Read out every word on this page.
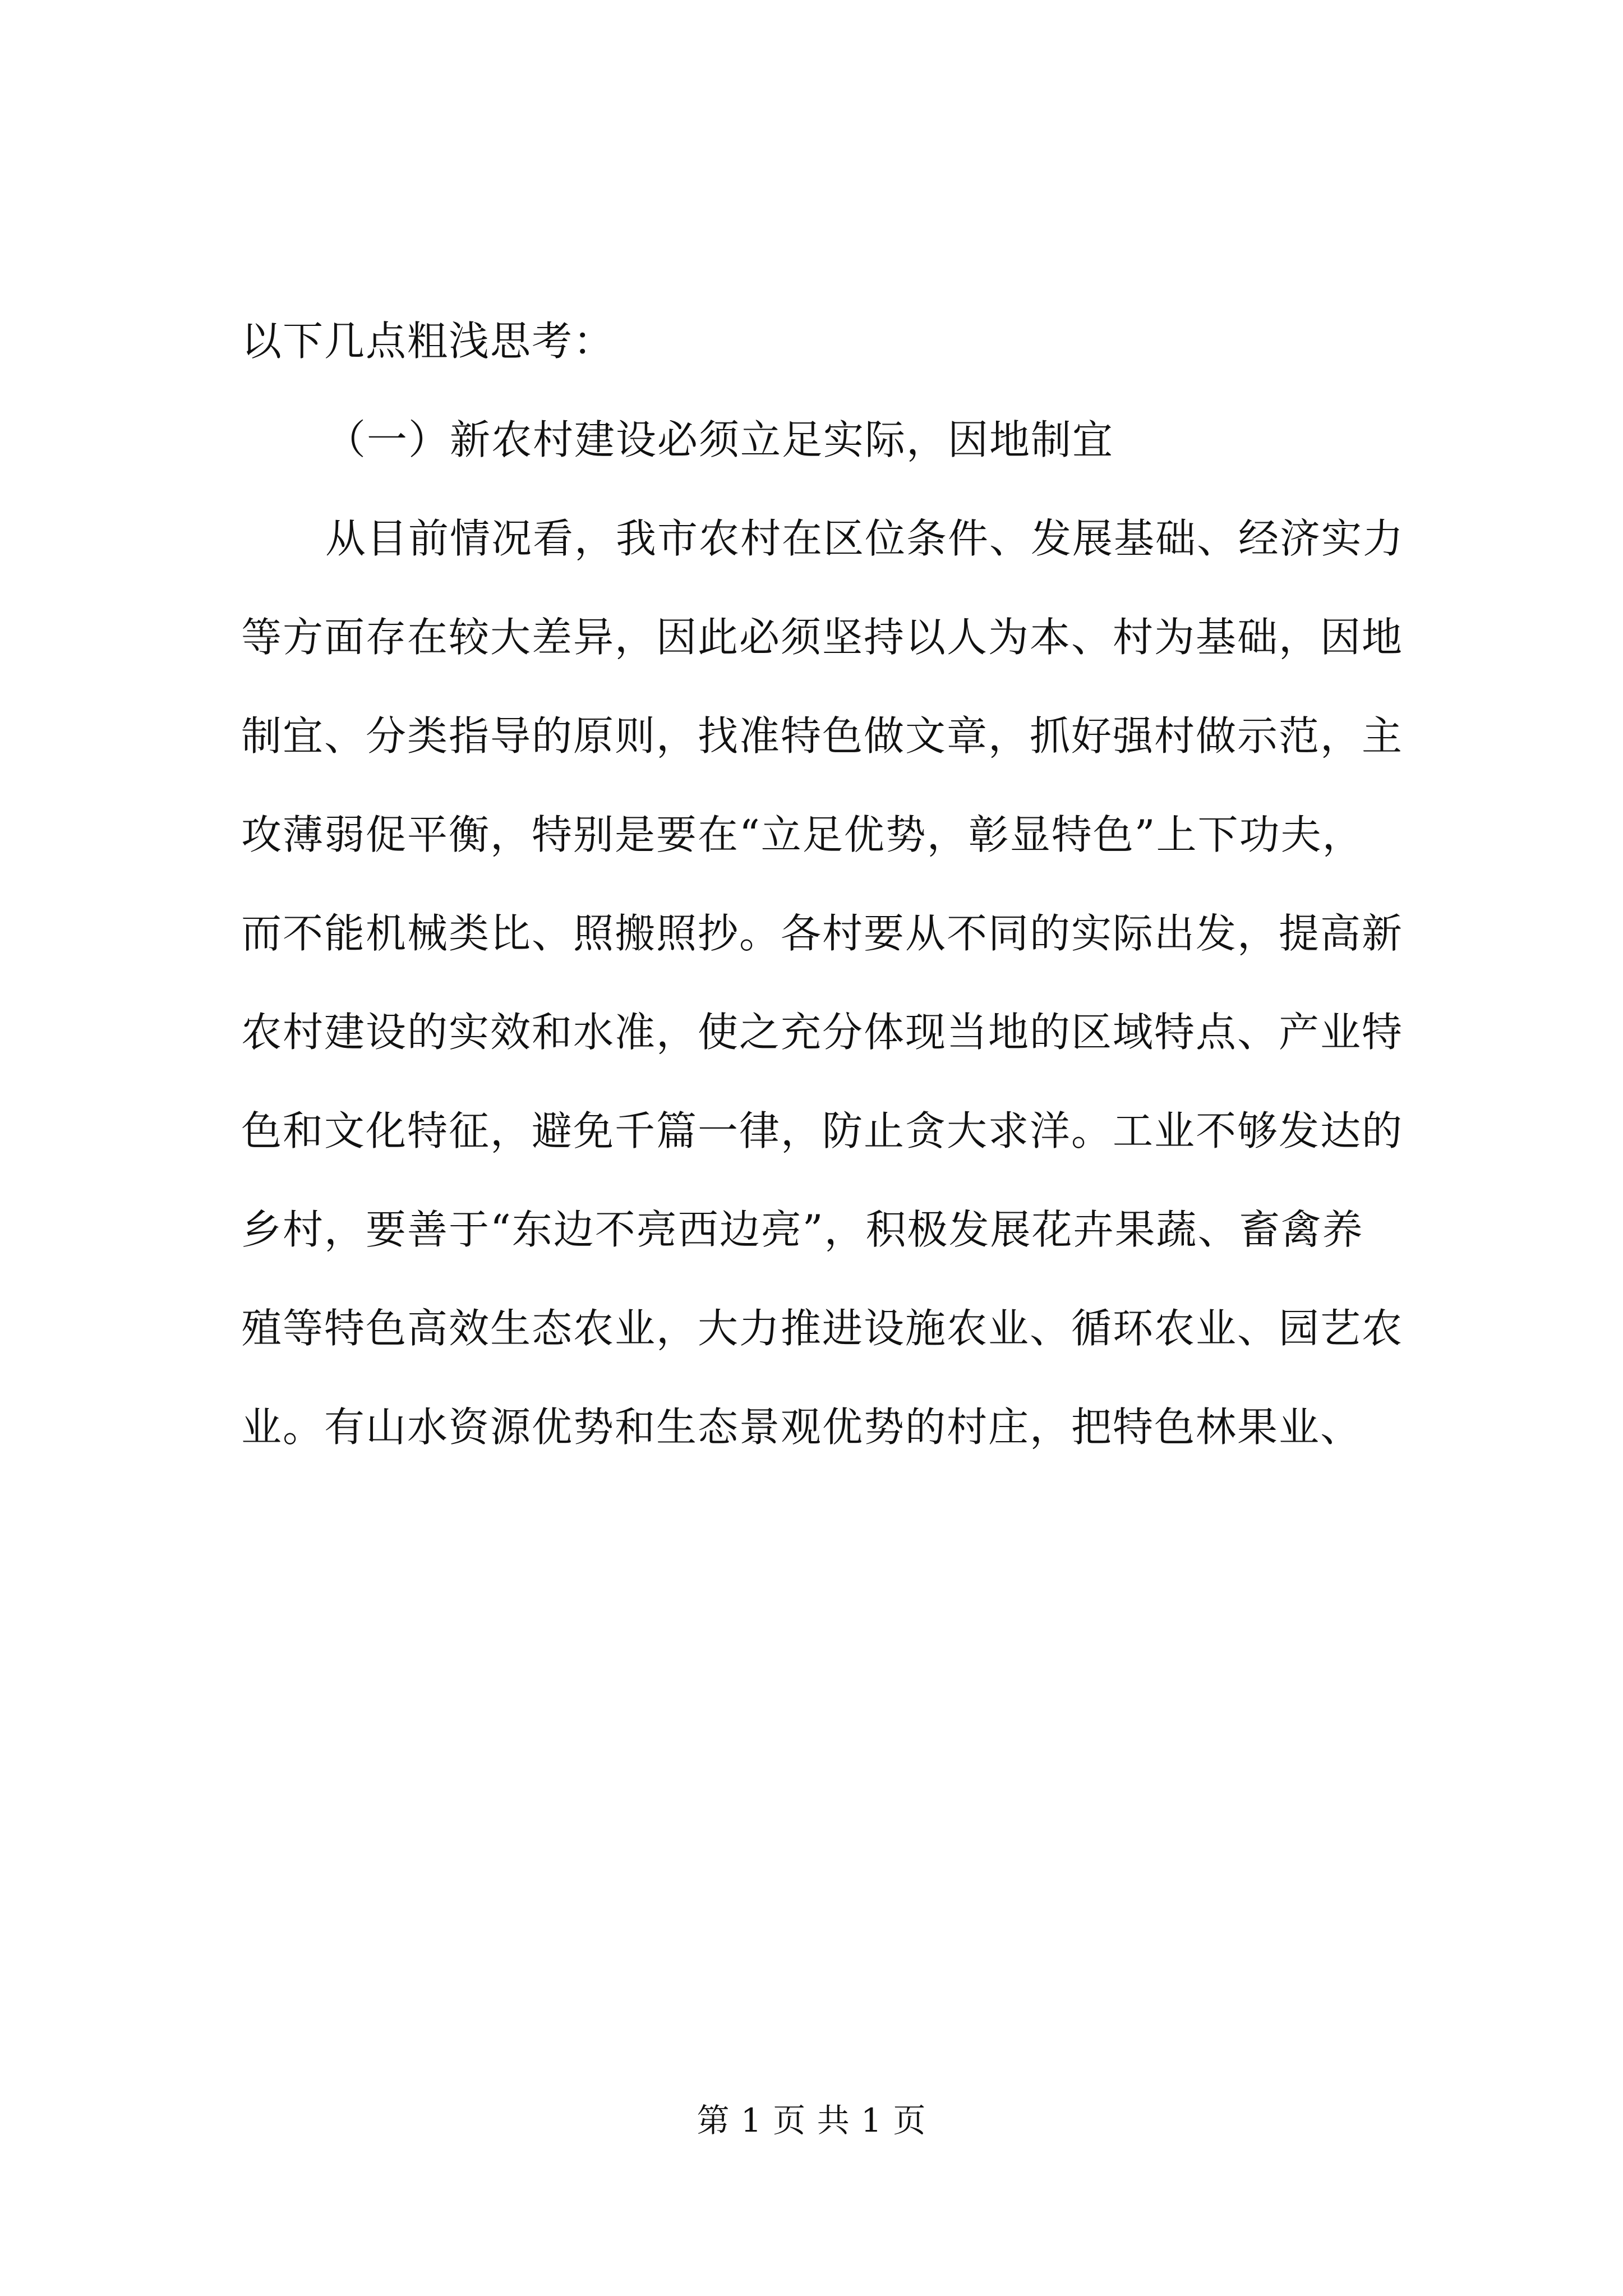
以下几点粗浅思考：
（一）新农村建设必须立足实际，因地制宜
从目前情况看，我市农村在区位条件、发展基础、经济实力
等方面存在较大差异，因此必须坚持以人为本、村为基础，因地
制宜、分类指导的原则，找准特色做文章，抓好强村做示范，主
攻薄弱促平衡，特别是要在“立足优势，彰显特色”上下功夫，
而不能机械类比、照搬照抄。各村要从不同的实际出发，提高新
农村建设的实效和水准，使之充分体现当地的区域特点、产业特
色和文化特征，避免千篇一律，防止贪大求洋。工业不够发达的
乡村，要善于“东边不亮西边亮”，积极发展花卉果蔬、畜禽养
殖等特色高效生态农业，大力推进设施农业、循环农业、园艺农
业。有山水资源优势和生态景观优势的村庄，把特色林果业、
第 1 页 共 1 页
